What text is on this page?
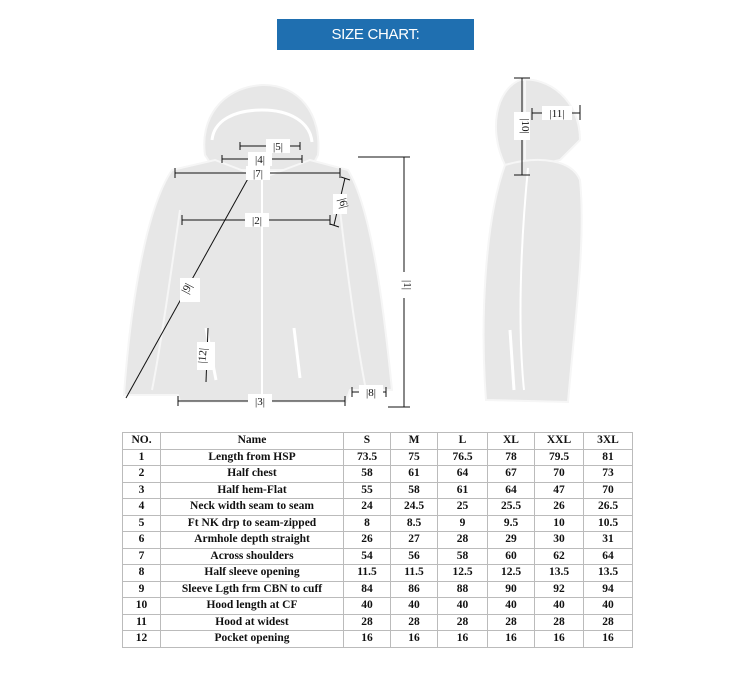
SIZE CHART:
|5|
|4|
|7|
|2|
|6|
|1|
|9|
|12|
|3|
|8|
|11|
|10|
NO.	Name	S	M	L	XL	XXL	3XL
1	Length from HSP	73.5	75	76.5	78	79.5	81
2	Half chest	58	61	64	67	70	73
3	Half hem-Flat	55	58	61	64	47	70
4	Neck width seam to seam	24	24.5	25	25.5	26	26.5
5	Ft NK drp to seam-zipped	8	8.5	9	9.5	10	10.5
6	Armhole depth straight	26	27	28	29	30	31
7	Across shoulders	54	56	58	60	62	64
8	Half sleeve opening	11.5	11.5	12.5	12.5	13.5	13.5
9	Sleeve Lgth frm CBN to cuff	84	86	88	90	92	94
10	Hood length at CF	40	40	40	40	40	40
11	Hood at widest	28	28	28	28	28	28
12	Pocket opening	16	16	16	16	16	16
